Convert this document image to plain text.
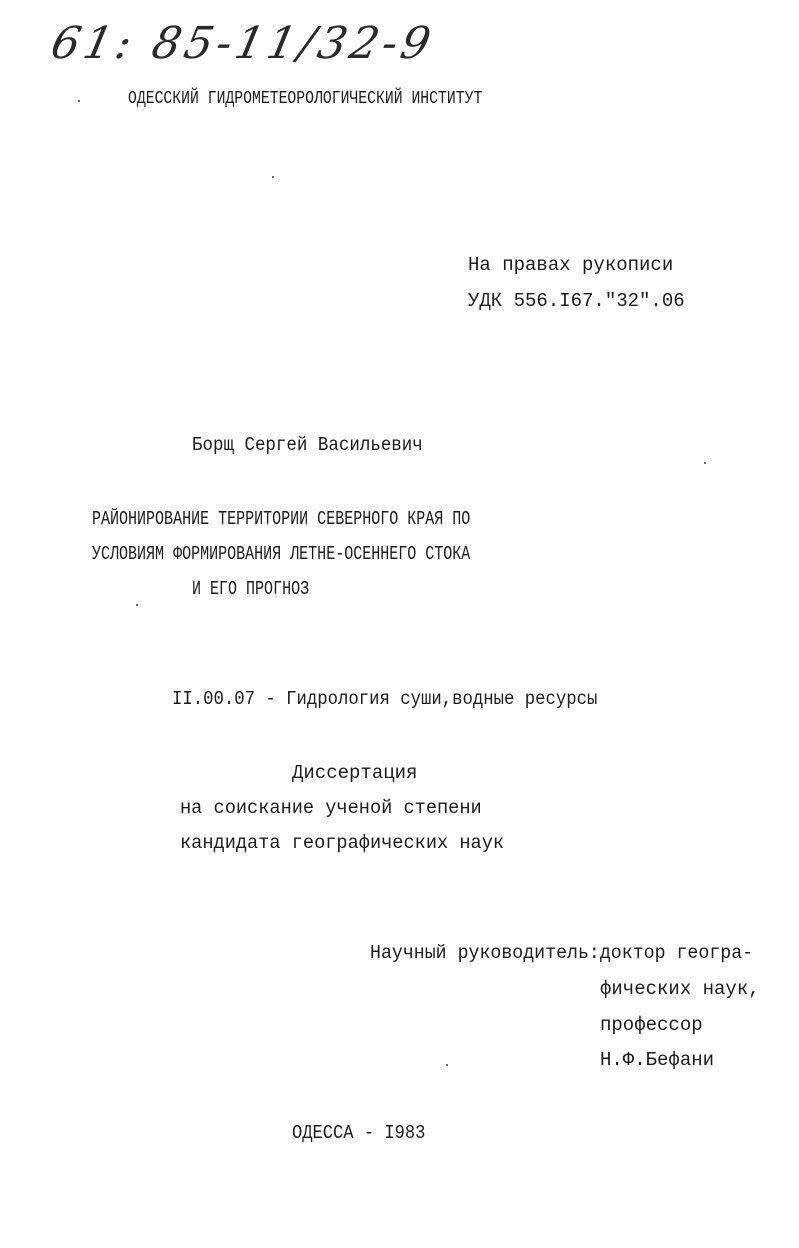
61: 85-11/32-9
ОДЕССКИЙ ГИДРОМЕТЕОРОЛОГИЧЕСКИЙ ИНСТИТУТ
На правах рукописи
УДК 556.I67."32".06
Борщ Сергей Васильевич
РАЙОНИРОВАНИЕ ТЕРРИТОРИИ СЕВЕРНОГО КРАЯ ПО
УСЛОВИЯМ ФОРМИРОВАНИЯ ЛЕТНЕ-ОСЕННЕГО СТОКА
И ЕГО ПРОГНОЗ
II.00.07 - Гидрология суши,водные ресурсы
Диссертация
на соискание ученой степени
кандидата географических наук
Научный руководитель:доктор геогра-
фических наук,
профессор
Н.Ф.Бефани
ОДЕССА - I983
